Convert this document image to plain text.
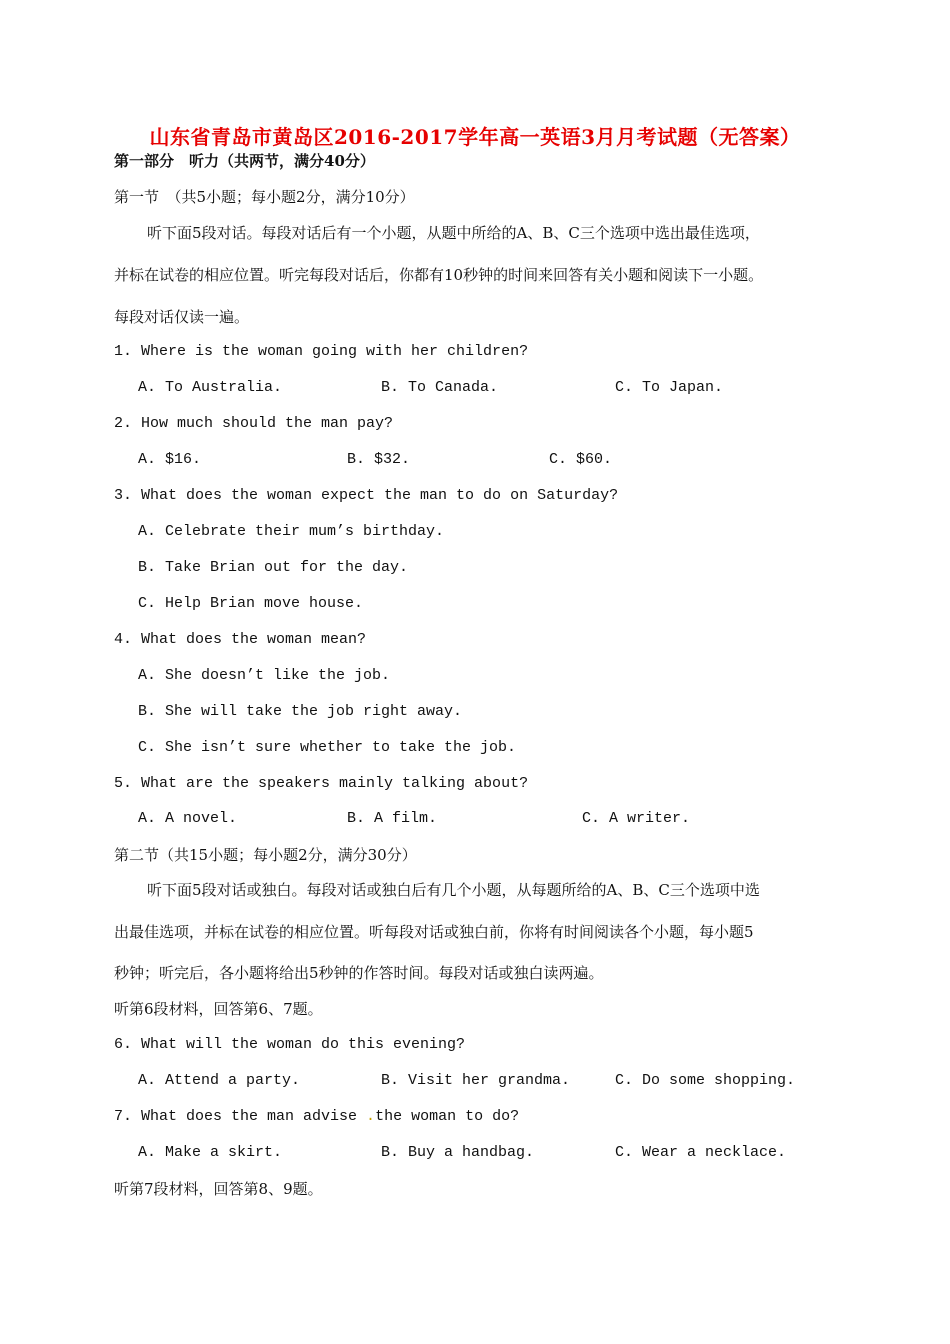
山东省青岛市黄岛区2016-2017学年高一英语3月月考试题（无答案）
第一部分　听力（共两节，满分40分）
第一节　（共5小题；每小题2分，满分10分）
听下面5段对话。每段对话后有一个小题，从题中所给的A、B、C三个选项中选出最佳选项，
并标在试卷的相应位置。听完每段对话后，你都有10秒钟的时间来回答有关小题和阅读下一小题。
每段对话仅读一遍。
1. Where is the woman going with her children?
A. To Australia.	B. To Canada.	C. To Japan.
2. How much should the man pay?
A. $16.	B. $32.	C. $60.
3. What does the woman expect the man to do on Saturday?
A. Celebrate their mum’s birthday.
B. Take Brian out for the day.
C. Help Brian move house.
4. What does the woman mean?
A. She doesn’t like the job.
B. She will take the job right away.
C. She isn’t sure whether to take the job.
5. What are the speakers mainly talking about?
A. A novel.	B. A film.	C. A writer.
第二节（共15小题；每小题2分，满分30分）
听下面5段对话或独白。每段对话或独白后有几个小题，从每题所给的A、B、C三个选项中选
出最佳选项，并标在试卷的相应位置。听每段对话或独白前，你将有时间阅读各个小题，每小题5
秒钟；听完后，各小题将给出5秒钟的作答时间。每段对话或独白读两遍。
听第6段材料，回答第6、7题。
6. What will the woman do this evening?
A. Attend a party.	B. Visit her grandma.	C. Do some shopping.
7. What does the man advise .the woman to do?
A. Make a skirt.	B. Buy a handbag.	C. Wear a necklace.
听第7段材料，回答第8、9题。
